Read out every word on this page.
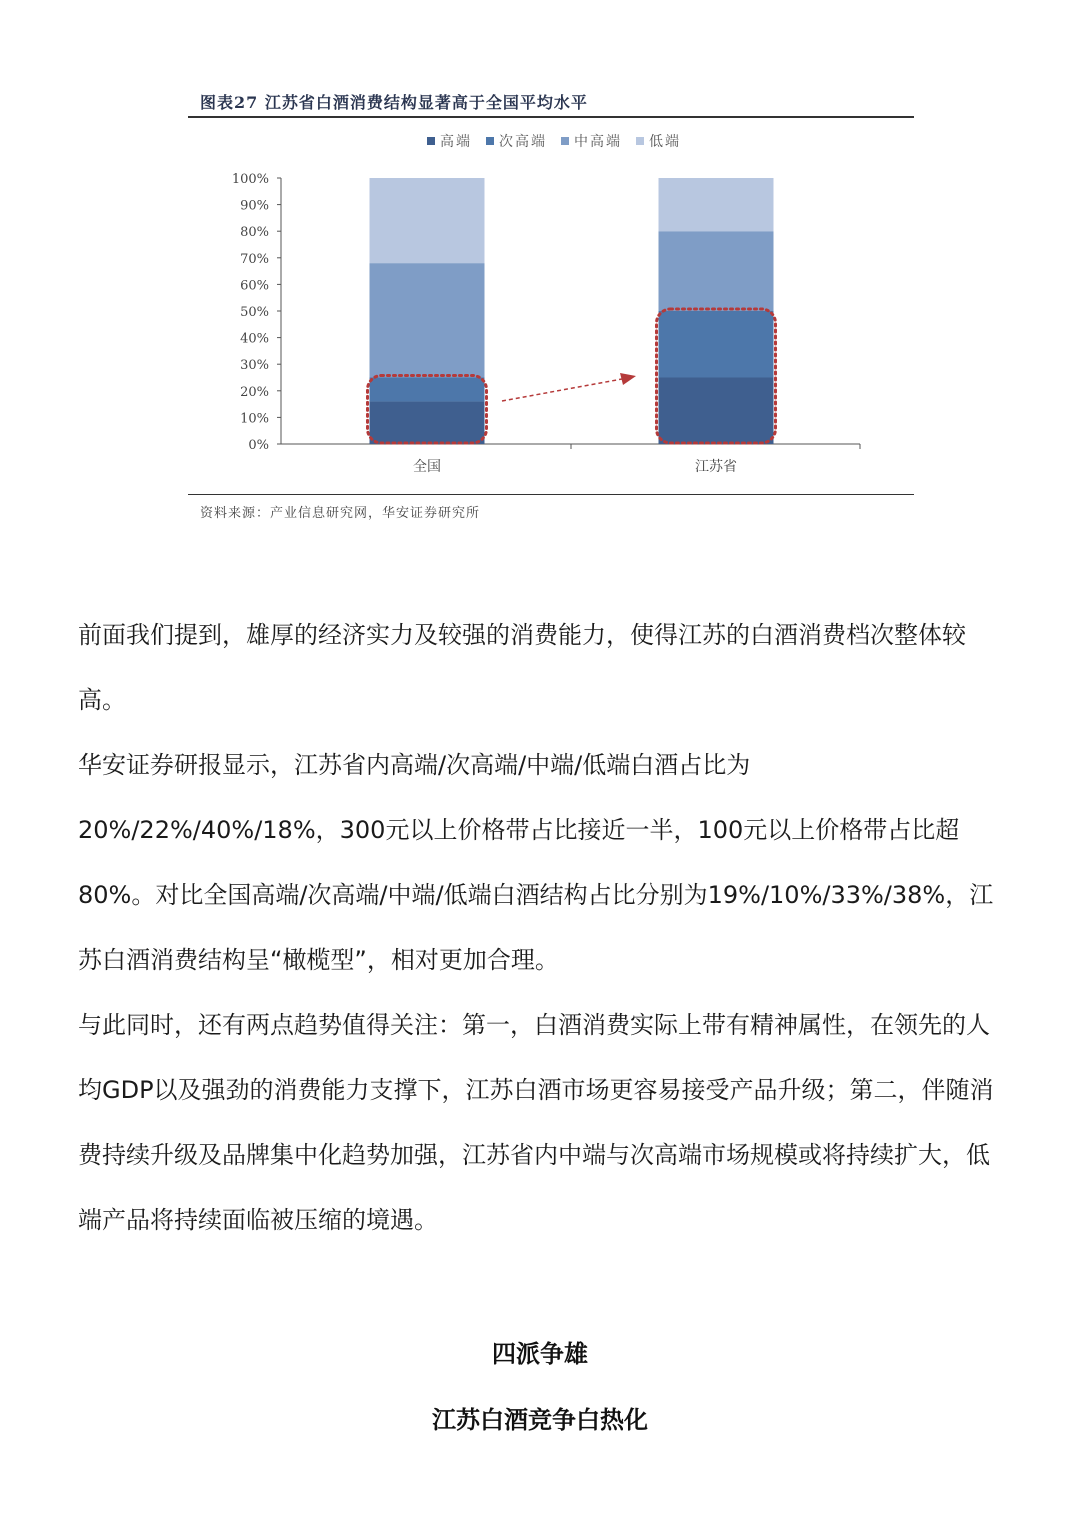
图表27 江苏省白酒消费结构显著高于全国平均水平
0%
10%
20%
30%
40%
50%
60%
70%
80%
90%
100%
全国	江苏省
高端 次高端 中高端 低端
资料来源：产业信息研究网，华安证券研究所

前面我们提到，雄厚的经济实力及较强的消费能力，使得江苏的白酒消费档次整体较高。

华安证券研报显示，江苏省内高端/次高端/中端/低端白酒占比为20%/22%/40%/18%，300元以上价格带占比接近一半，100元以上价格带占比超80%。对比全国高端/次高端/中端/低端白酒结构占比分别为19%/10%/33%/38%，江苏白酒消费结构呈“橄榄型”，相对更加合理。

与此同时，还有两点趋势值得关注：第一，白酒消费实际上带有精神属性，在领先的人均GDP以及强劲的消费能力支撑下，江苏白酒市场更容易接受产品升级；第二，伴随消费持续升级及品牌集中化趋势加强，江苏省内中端与次高端市场规模或将持续扩大，低端产品将持续面临被压缩的境遇。

四派争雄
江苏白酒竞争白热化
